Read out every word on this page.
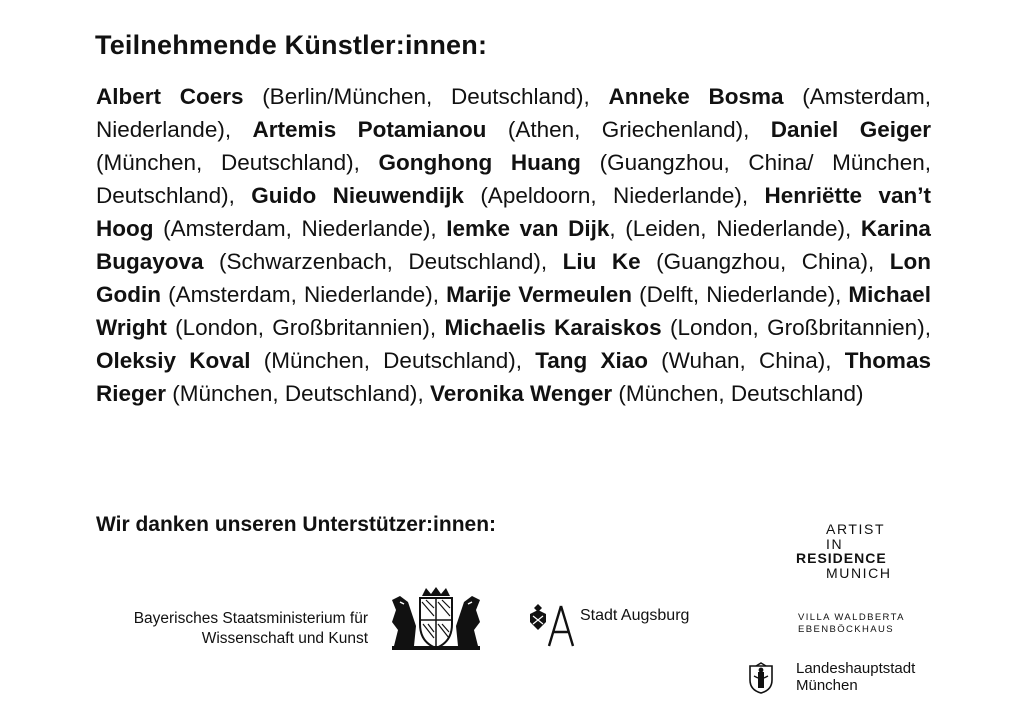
Teilnehmende Künstler:innen:

Albert Coers (Berlin/München, Deutschland), Anneke Bosma (Amsterdam, Niederlande), Artemis Potamianou (Athen, Griechenland), Daniel Geiger (München, Deutschland), Gonghong Huang (Guangzhou, China/ München, Deutschland), Guido Nieuwendijk (Apeldoorn, Niederlande), Henriëtte van’t Hoog (Amsterdam, Niederlande), Iemke van Dijk, (Leiden, Niederlande), Karina Bugayova (Schwarzenbach, Deutschland), Liu Ke (Guangzhou, China), Lon Godin (Amsterdam, Niederlande), Marije Vermeulen (Delft, Niederlande), Michael Wright (London, Großbritannien), Michaelis Karaiskos (London, Großbritannien), Oleksiy Koval (München, Deutschland), Tang Xiao (Wuhan, China), Thomas Rieger (München, Deutschland), Veronika Wenger (München, Deutschland)

Wir danken unseren Unterstützer:innen:
Bayerisches Staatsministerium für
Wissenschaft und Kunst
Stadt Augsburg
ARTIST
IN
RESIDENCE
MUNICH
VILLA WALDBERTA
EBENBÖCKHAUS
Landeshauptstadt
München
